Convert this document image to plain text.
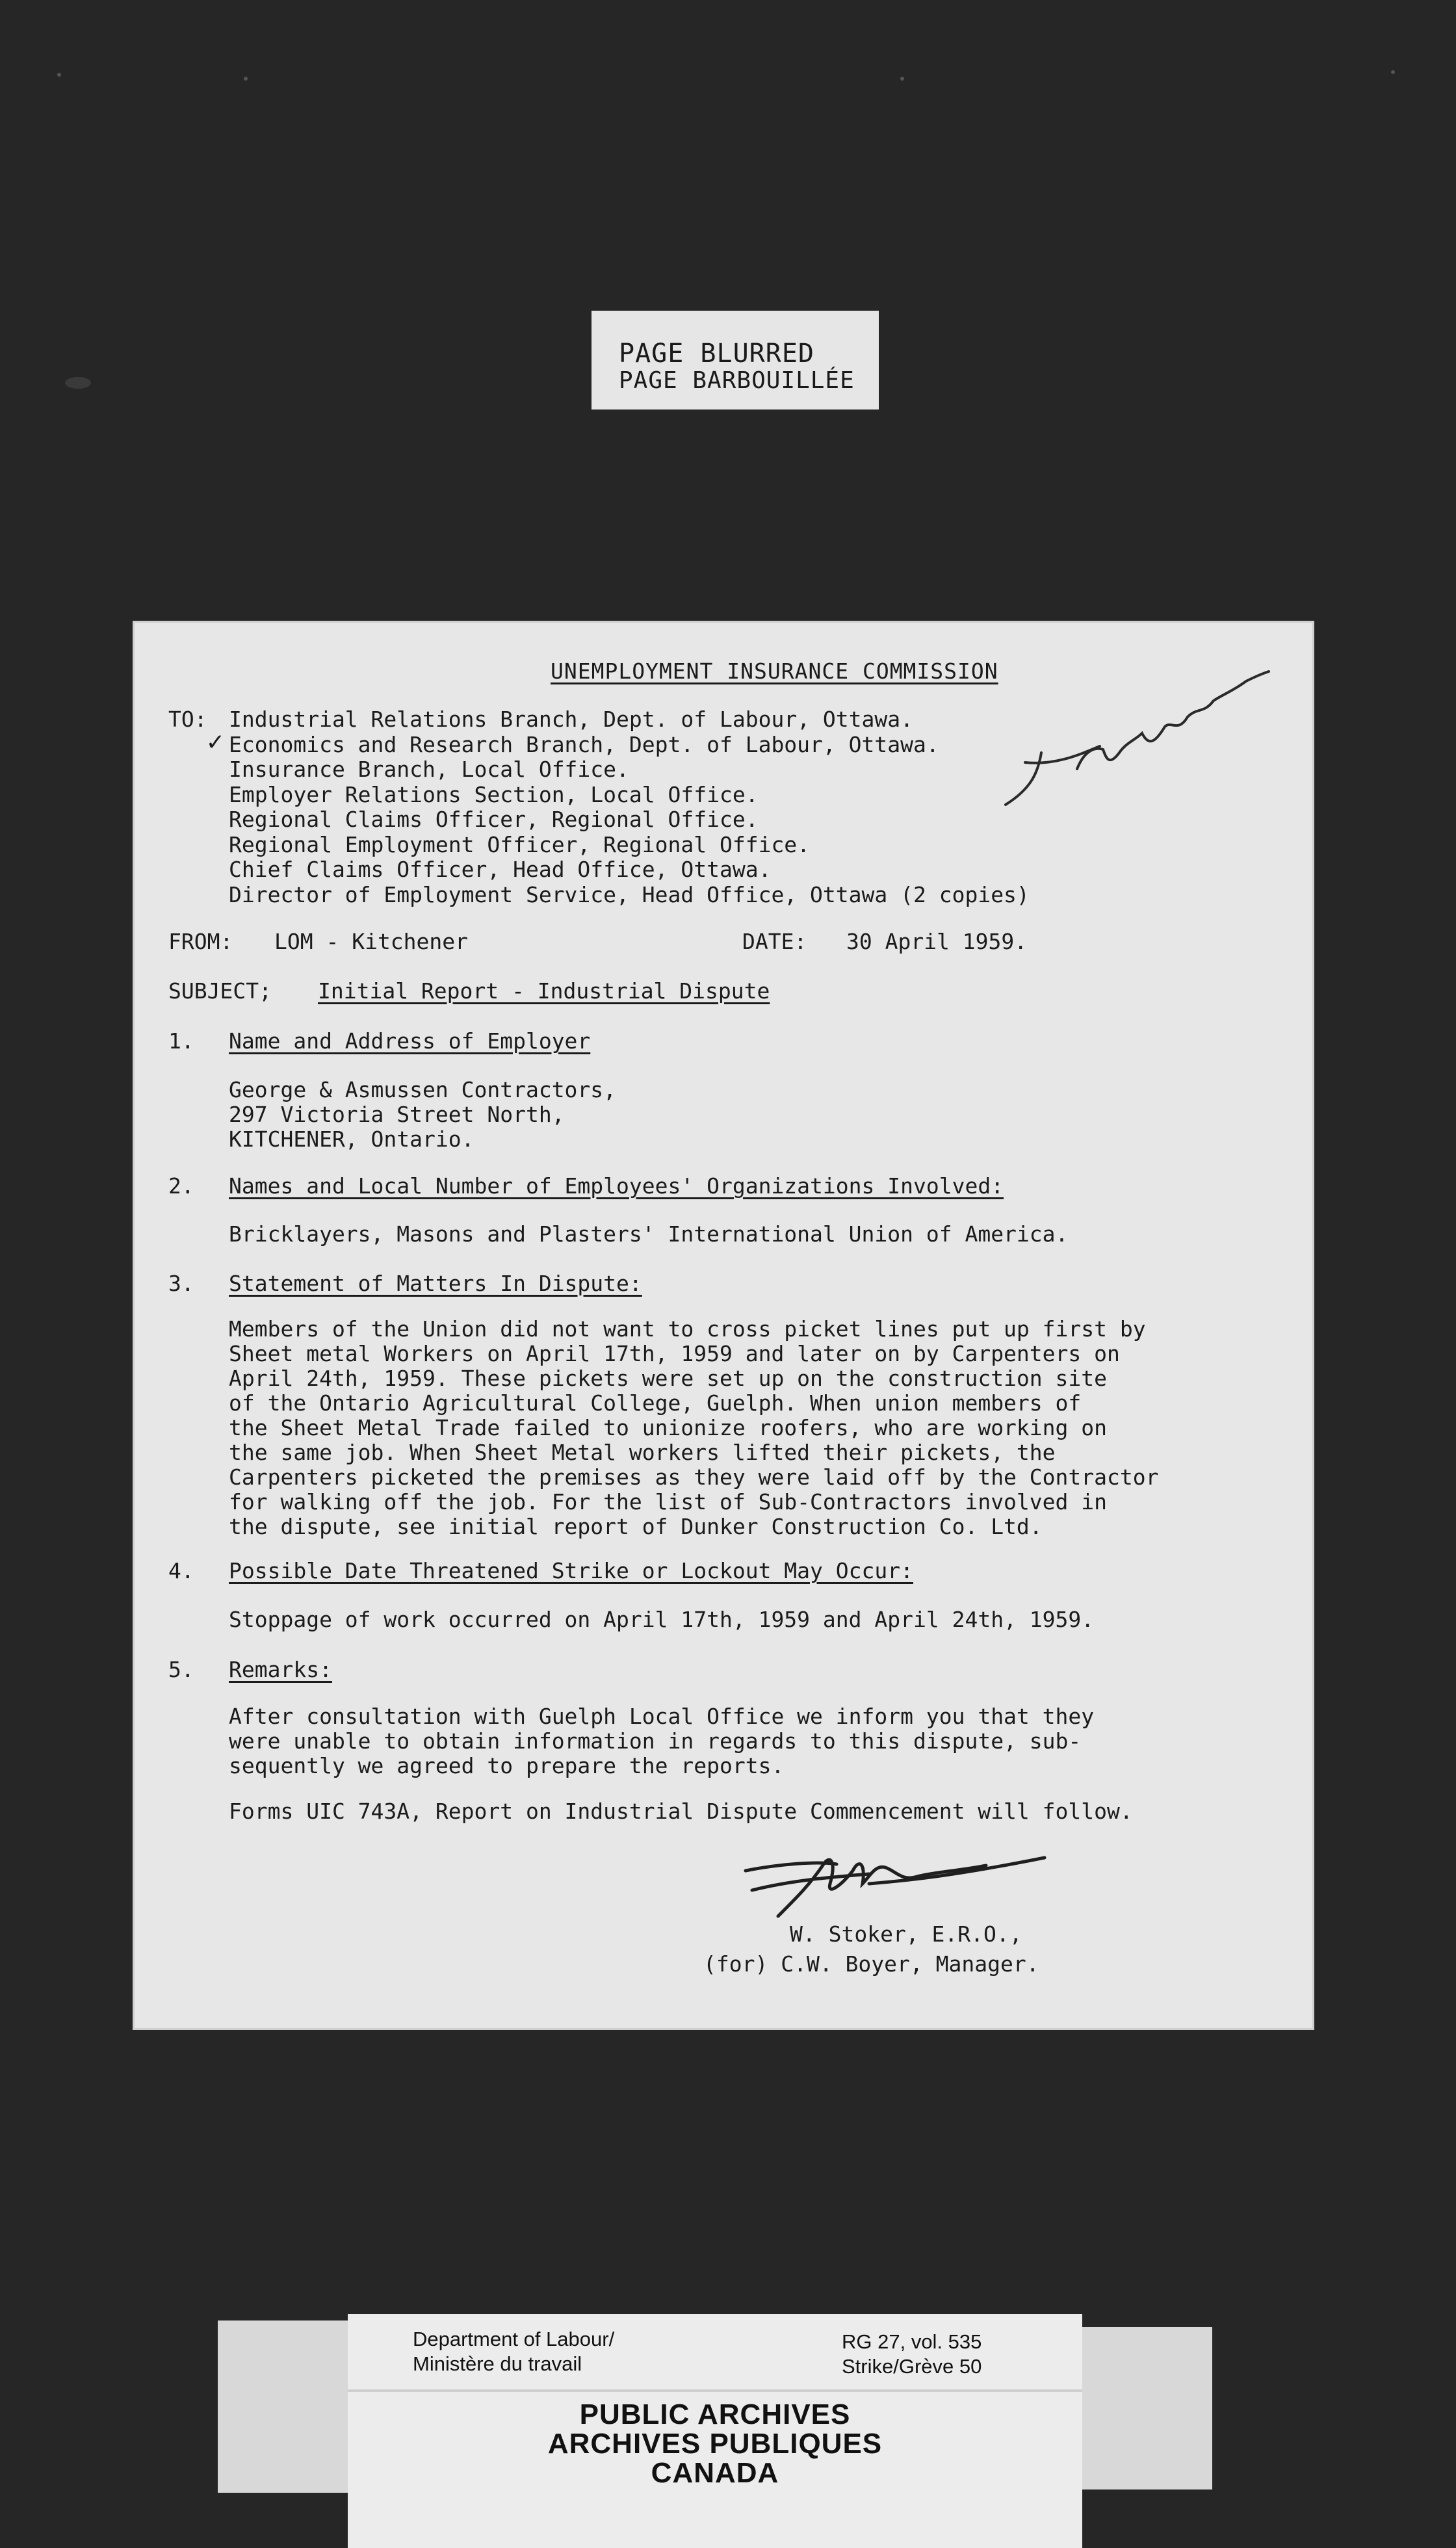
PAGE BLURRED
PAGE BARBOUILLÉE
UNEMPLOYMENT INSURANCE COMMISSION
TO:
✓
Industrial Relations Branch, Dept. of Labour, Ottawa.
Economics and Research Branch, Dept. of Labour, Ottawa.
Insurance Branch, Local Office.
Employer Relations Section, Local Office.
Regional Claims Officer, Regional Office.
Regional Employment Officer, Regional Office.
Chief Claims Officer, Head Office, Ottawa.
Director of Employment Service, Head Office, Ottawa (2 copies)
FROM: LOM - Kitchener	DATE: 30 April 1959.
SUBJECT; Initial Report - Industrial Dispute
1. Name and Address of Employer
George & Asmussen Contractors,
297 Victoria Street North,
KITCHENER, Ontario.
2. Names and Local Number of Employees' Organizations Involved:
Bricklayers, Masons and Plasters' International Union of America.
3. Statement of Matters In Dispute:
Members of the Union did not want to cross picket lines put up first by
Sheet metal Workers on April 17th, 1959 and later on by Carpenters on
April 24th, 1959. These pickets were set up on the construction site
of the Ontario Agricultural College, Guelph. When union members of
the Sheet Metal Trade failed to unionize roofers, who are working on
the same job. When Sheet Metal workers lifted their pickets, the
Carpenters picketed the premises as they were laid off by the Contractor
for walking off the job. For the list of Sub-Contractors involved in
the dispute, see initial report of Dunker Construction Co. Ltd.
4. Possible Date Threatened Strike or Lockout May Occur:
Stoppage of work occurred on April 17th, 1959 and April 24th, 1959.
5. Remarks:
After consultation with Guelph Local Office we inform you that they
were unable to obtain information in regards to this dispute, sub-
sequently we agreed to prepare the reports.
Forms UIC 743A, Report on Industrial Dispute Commencement will follow.
W. Stoker, E.R.O.,
(for) C.W. Boyer, Manager.
Department of Labour/
Ministère du travail
RG 27, vol. 535
Strike/Grève 50
PUBLIC ARCHIVES
ARCHIVES PUBLIQUES
CANADA
